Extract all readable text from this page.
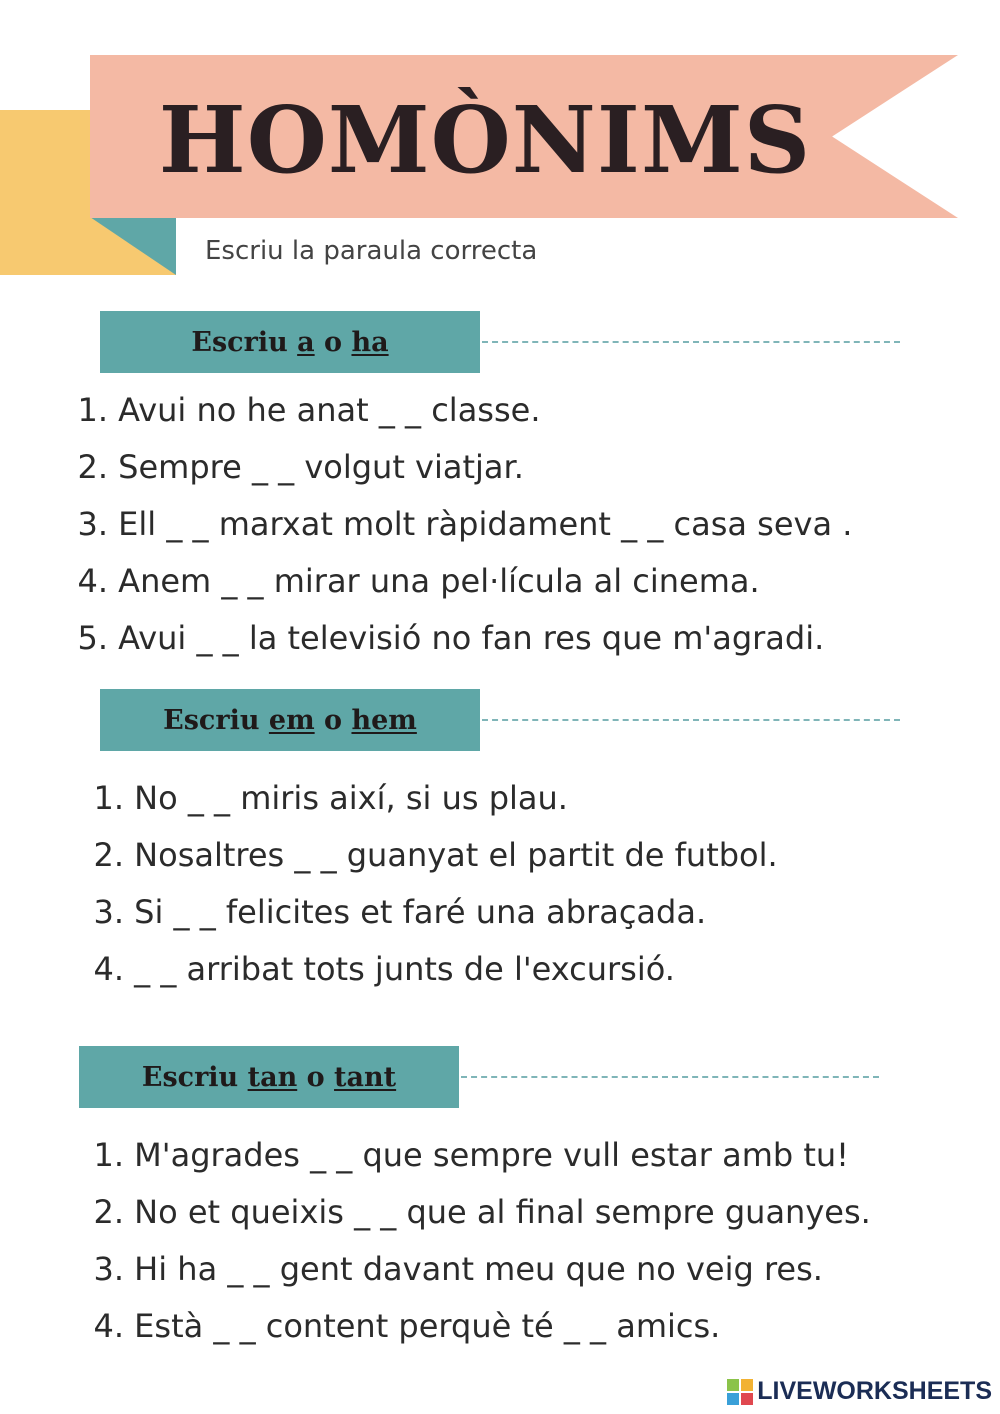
HOMÒNIMS
Escriu la paraula correcta
Escriu
a
o
ha
1. Avui no he anat _ _ classe.
2. Sempre _ _ volgut viatjar.
3. Ell _ _ marxat molt ràpidament _ _ casa seva .
4. Anem _ _ mirar una pel·lícula al cinema.
5. Avui _ _ la televisió no fan res que m'agradi.
Escriu
em
o
hem
1. No _ _ miris així, si us plau.
2. Nosaltres _ _ guanyat el partit de futbol.
3. Si _ _ felicites et faré una abraçada.
4. _ _ arribat tots junts de l'excursió.
Escriu
tan
o
tant
1. M'agrades _ _ que sempre vull estar amb tu!
2. No et queixis _ _ que al final sempre guanyes.
3. Hi ha _ _ gent davant meu que no veig res.
4. Està _ _ content perquè té _ _ amics.
LIVEWORKSHEETS
